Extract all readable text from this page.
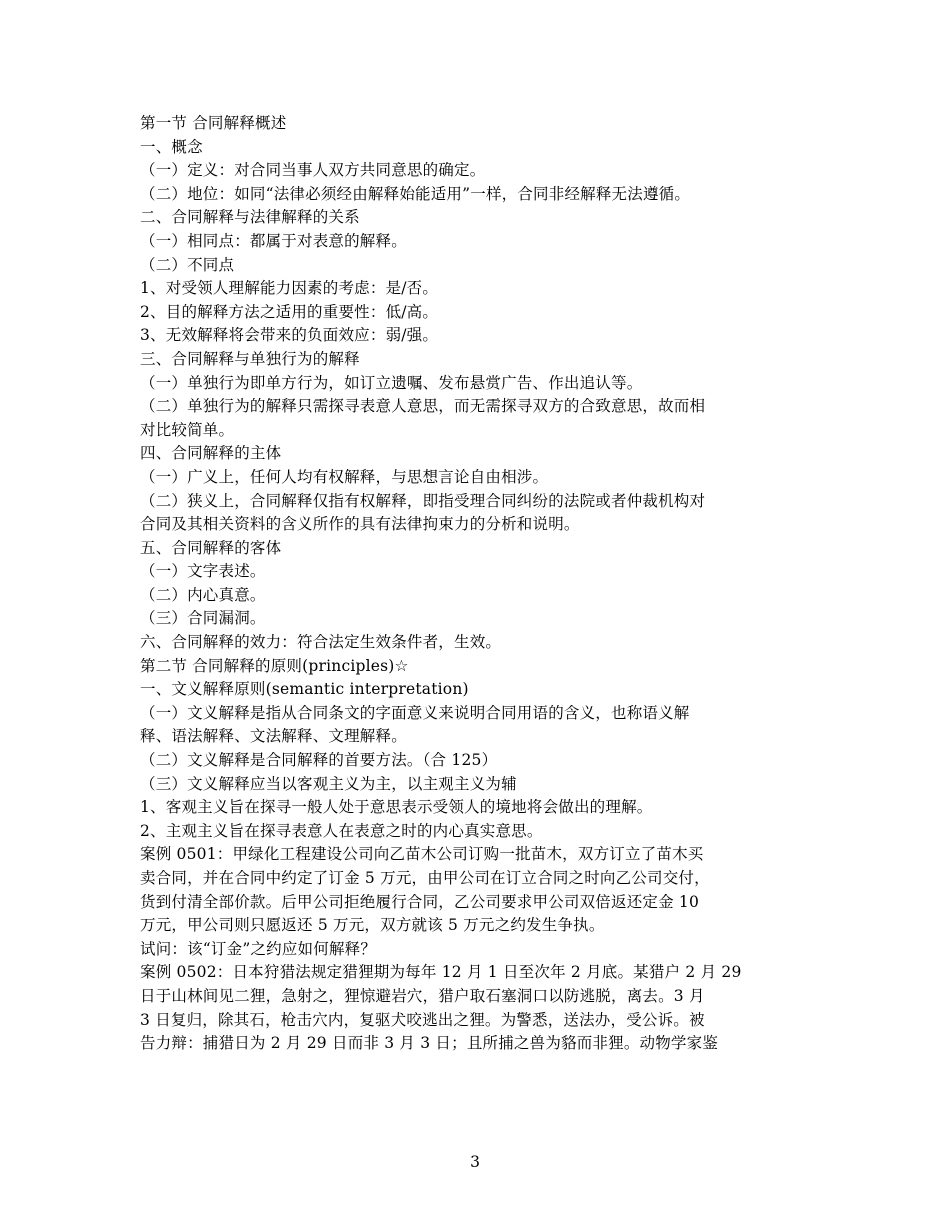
第一节 合同解释概述
一、概念
（一）定义：对合同当事人双方共同意思的确定。
（二）地位：如同“法律必须经由解释始能适用”一样，合同非经解释无法遵循。
二、合同解释与法律解释的关系
（一）相同点：都属于对表意的解释。
（二）不同点
1、对受领人理解能力因素的考虑：是/否。
2、目的解释方法之适用的重要性：低/高。
3、无效解释将会带来的负面效应：弱/强。
三、合同解释与单独行为的解释
（一）单独行为即单方行为，如订立遗嘱、发布悬赏广告、作出追认等。
（二）单独行为的解释只需探寻表意人意思，而无需探寻双方的合致意思，故而相
对比较简单。
四、合同解释的主体
（一）广义上，任何人均有权解释，与思想言论自由相涉。
（二）狭义上，合同解释仅指有权解释，即指受理合同纠纷的法院或者仲裁机构对
合同及其相关资料的含义所作的具有法律拘束力的分析和说明。
五、合同解释的客体
（一）文字表述。
（二）内心真意。
（三）合同漏洞。
六、合同解释的效力：符合法定生效条件者，生效。
第二节 合同解释的原则(principles)☆
一、文义解释原则(semantic interpretation)
（一）文义解释是指从合同条文的字面意义来说明合同用语的含义，也称语义解
释、语法解释、文法解释、文理解释。
（二）文义解释是合同解释的首要方法。（合 125）
（三）文义解释应当以客观主义为主，以主观主义为辅
1、客观主义旨在探寻一般人处于意思表示受领人的境地将会做出的理解。
2、主观主义旨在探寻表意人在表意之时的内心真实意思。
案例 0501：甲绿化工程建设公司向乙苗木公司订购一批苗木，双方订立了苗木买
卖合同，并在合同中约定了订金 5 万元，由甲公司在订立合同之时向乙公司交付，
货到付清全部价款。后甲公司拒绝履行合同，乙公司要求甲公司双倍返还定金 10
万元，甲公司则只愿返还 5 万元，双方就该 5 万元之约发生争执。
试问：该“订金”之约应如何解释？
案例 0502：日本狩猎法规定猎狸期为每年 12 月 1 日至次年 2 月底。某猎户 2 月 29
日于山林间见二狸，急射之，狸惊避岩穴，猎户取石塞洞口以防逃脱，离去。3 月
3 日复归，除其石，枪击穴内，复驱犬咬逃出之狸。为警悉，送法办，受公诉。被
告力辩：捕猎日为 2 月 29 日而非 3 月 3 日；且所捕之兽为貉而非狸。动物学家鉴
3
